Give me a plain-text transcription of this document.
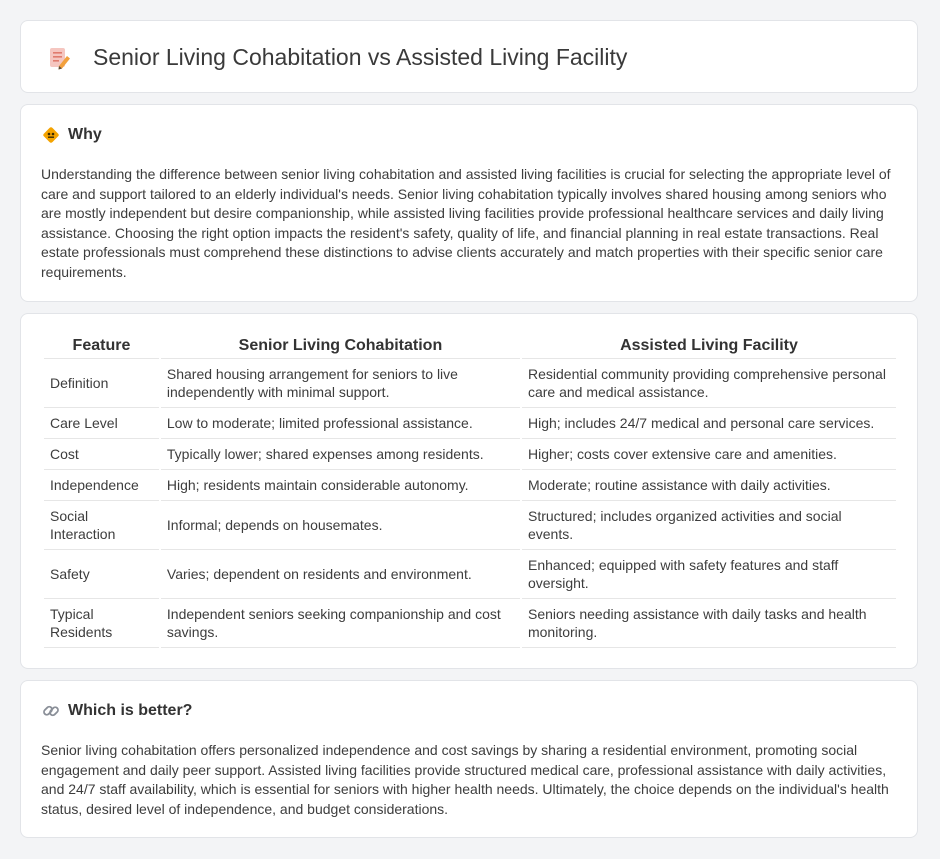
Senior Living Cohabitation vs Assisted Living Facility
Why

Understanding the difference between senior living cohabitation and assisted living facilities is crucial for selecting the appropriate level of care and support tailored to an elderly individual's needs. Senior living cohabitation typically involves shared housing among seniors who are mostly independent but desire companionship, while assisted living facilities provide professional healthcare services and daily living assistance. Choosing the right option impacts the resident's safety, quality of life, and financial planning in real estate transactions. Real estate professionals must comprehend these distinctions to advise clients accurately and match properties with their specific senior care requirements.

Feature	Senior Living Cohabitation	Assisted Living Facility
Definition	Shared housing arrangement for seniors to live independently with minimal support.	Residential community providing comprehensive personal care and medical assistance.
Care Level	Low to moderate; limited professional assistance.	High; includes 24/7 medical and personal care services.
Cost	Typically lower; shared expenses among residents.	Higher; costs cover extensive care and amenities.
Independence	High; residents maintain considerable autonomy.	Moderate; routine assistance with daily activities.
Social Interaction	Informal; depends on housemates.	Structured; includes organized activities and social events.
Safety	Varies; dependent on residents and environment.	Enhanced; equipped with safety features and staff oversight.
Typical Residents	Independent seniors seeking companionship and cost savings.	Seniors needing assistance with daily tasks and health monitoring.
Which is better?

Senior living cohabitation offers personalized independence and cost savings by sharing a residential environment, promoting social engagement and daily peer support. Assisted living facilities provide structured medical care, professional assistance with daily activities, and 24/7 staff availability, which is essential for seniors with higher health needs. Ultimately, the choice depends on the individual's health status, desired level of independence, and budget considerations.
